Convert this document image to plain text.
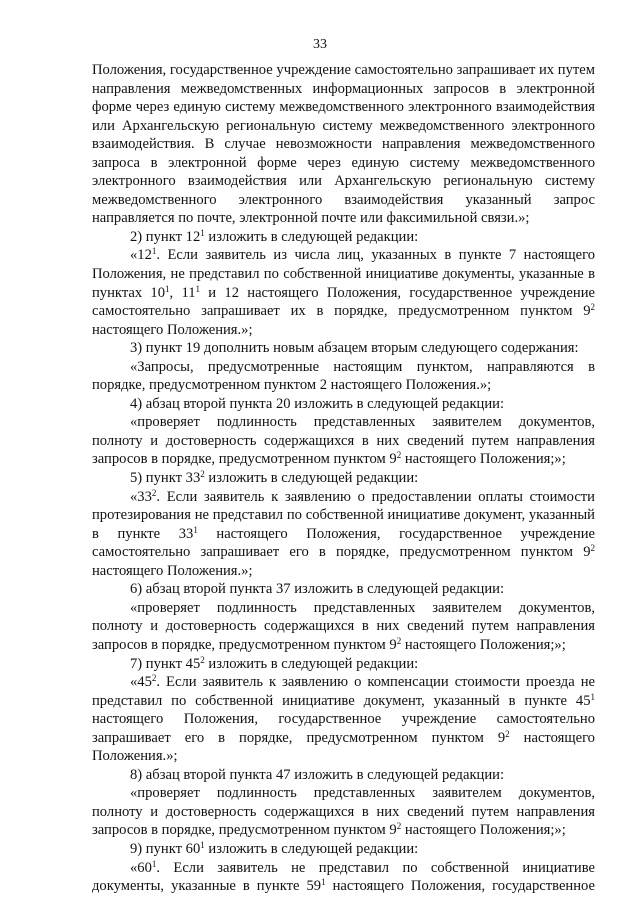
33

Положения, государственное учреждение самостоятельно запрашивает их путем направления межведомственных информационных запросов в электронной форме через единую систему межведомственного электронного взаимодействия или Архангельскую региональную систему межведомственного электронного взаимодействия. В случае невозможности направления межведомственного запроса в электронной форме через единую систему межведомственного электронного взаимодействия или Архангельскую региональную систему межведомственного электронного взаимодействия указанный запрос направляется по почте, электронной почте или факсимильной связи.»;

2) пункт $12^1$ изложить в следующей редакции:

«$12^1$. Если заявитель из числа лиц, указанных в пункте 7 настоящего Положения, не представил по собственной инициативе документы, указанные в пунктах $10^1$, $11^1$ и 12 настоящего Положения, государственное учреждение самостоятельно запрашивает их в порядке, предусмотренном пунктом $9^2$ настоящего Положения.»;

3) пункт 19 дополнить новым абзацем вторым следующего содержания:

«Запросы, предусмотренные настоящим пунктом, направляются в порядке, предусмотренном пунктом 2 настоящего Положения.»;

4) абзац второй пункта 20 изложить в следующей редакции:

«проверяет подлинность представленных заявителем документов, полноту и достоверность содержащихся в них сведений путем направления запросов в порядке, предусмотренном пунктом $9^2$ настоящего Положения;»;

5) пункт $33^2$ изложить в следующей редакции:

«$33^2$. Если заявитель к заявлению о предоставлении оплаты стоимости протезирования не представил по собственной инициативе документ, указанный в пункте $33^1$ настоящего Положения, государственное учреждение самостоятельно запрашивает его в порядке, предусмотренном пунктом $9^2$ настоящего Положения.»;

6) абзац второй пункта 37 изложить в следующей редакции:

«проверяет подлинность представленных заявителем документов, полноту и достоверность содержащихся в них сведений путем направления запросов в порядке, предусмотренном пунктом $9^2$ настоящего Положения;»;

7) пункт $45^2$ изложить в следующей редакции:

«$45^2$. Если заявитель к заявлению о компенсации стоимости проезда не представил по собственной инициативе документ, указанный в пункте $45^1$ настоящего Положения, государственное учреждение самостоятельно запрашивает его в порядке, предусмотренном пунктом $9^2$ настоящего Положения.»;

8) абзац второй пункта 47 изложить в следующей редакции:

«проверяет подлинность представленных заявителем документов, полноту и достоверность содержащихся в них сведений путем направления запросов в порядке, предусмотренном пунктом $9^2$ настоящего Положения;»;

9) пункт $60^1$ изложить в следующей редакции:

«$60^1$. Если заявитель не представил по собственной инициативе документы, указанные в пункте $59^1$ настоящего Положения, государственное
